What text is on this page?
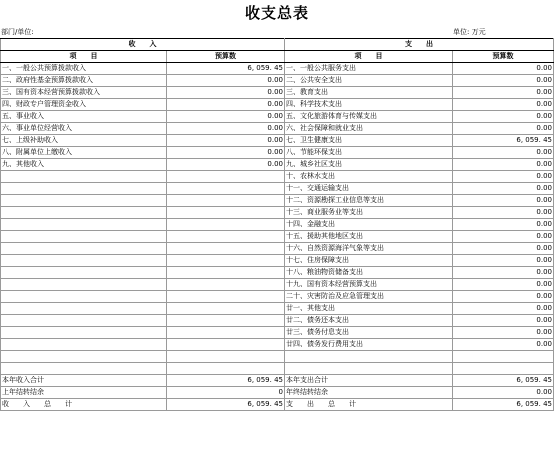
收支总表
部门/单位:	单位: 万元
收　　入		支　　出	
项　　目	预算数	项　　目	预算数
一、一般公共预算拨款收入	6, 059. 45	一、一般公共服务支出	0.00
二、政府性基金预算拨款收入	0.00	二、公共安全支出	0.00
三、国有资本经营预算拨款收入	0.00	三、教育支出	0.00
四、财政专户管理资金收入	0.00	四、科学技术支出	0.00
五、事业收入	0.00	五、文化旅游体育与传媒支出	0.00
六、事业单位经营收入	0.00	六、社会保障和就业支出	0.00
七、上级补助收入	0.00	七、卫生健康支出	6, 059. 45
八、附属单位上缴收入	0.00	八、节能环保支出	0.00
九、其他收入	0.00	九、城乡社区支出	0.00
		十、农林水支出	0.00
		十一、交通运输支出	0.00
		十二、资源勘探工业信息等支出	0.00
		十三、商业服务业等支出	0.00
		十四、金融支出	0.00
		十五、援助其他地区支出	0.00
		十六、自然资源海洋气象等支出	0.00
		十七、住房保障支出	0.00
		十八、粮油物资储备支出	0.00
		十九、国有资本经营预算支出	0.00
		二十、灾害防治及应急管理支出	0.00
		廿一、其他支出	0.00
		廿二、债务还本支出	0.00
		廿三、债务付息支出	0.00
		廿四、债务发行费用支出	0.00

本年收入合计	6, 059. 45	本年支出合计	6, 059. 45
上年结转结余	0	年终结转结余	0.00
收　　入　　总　　计	6, 059. 45	支　　出　　总　　计	6, 059. 45
